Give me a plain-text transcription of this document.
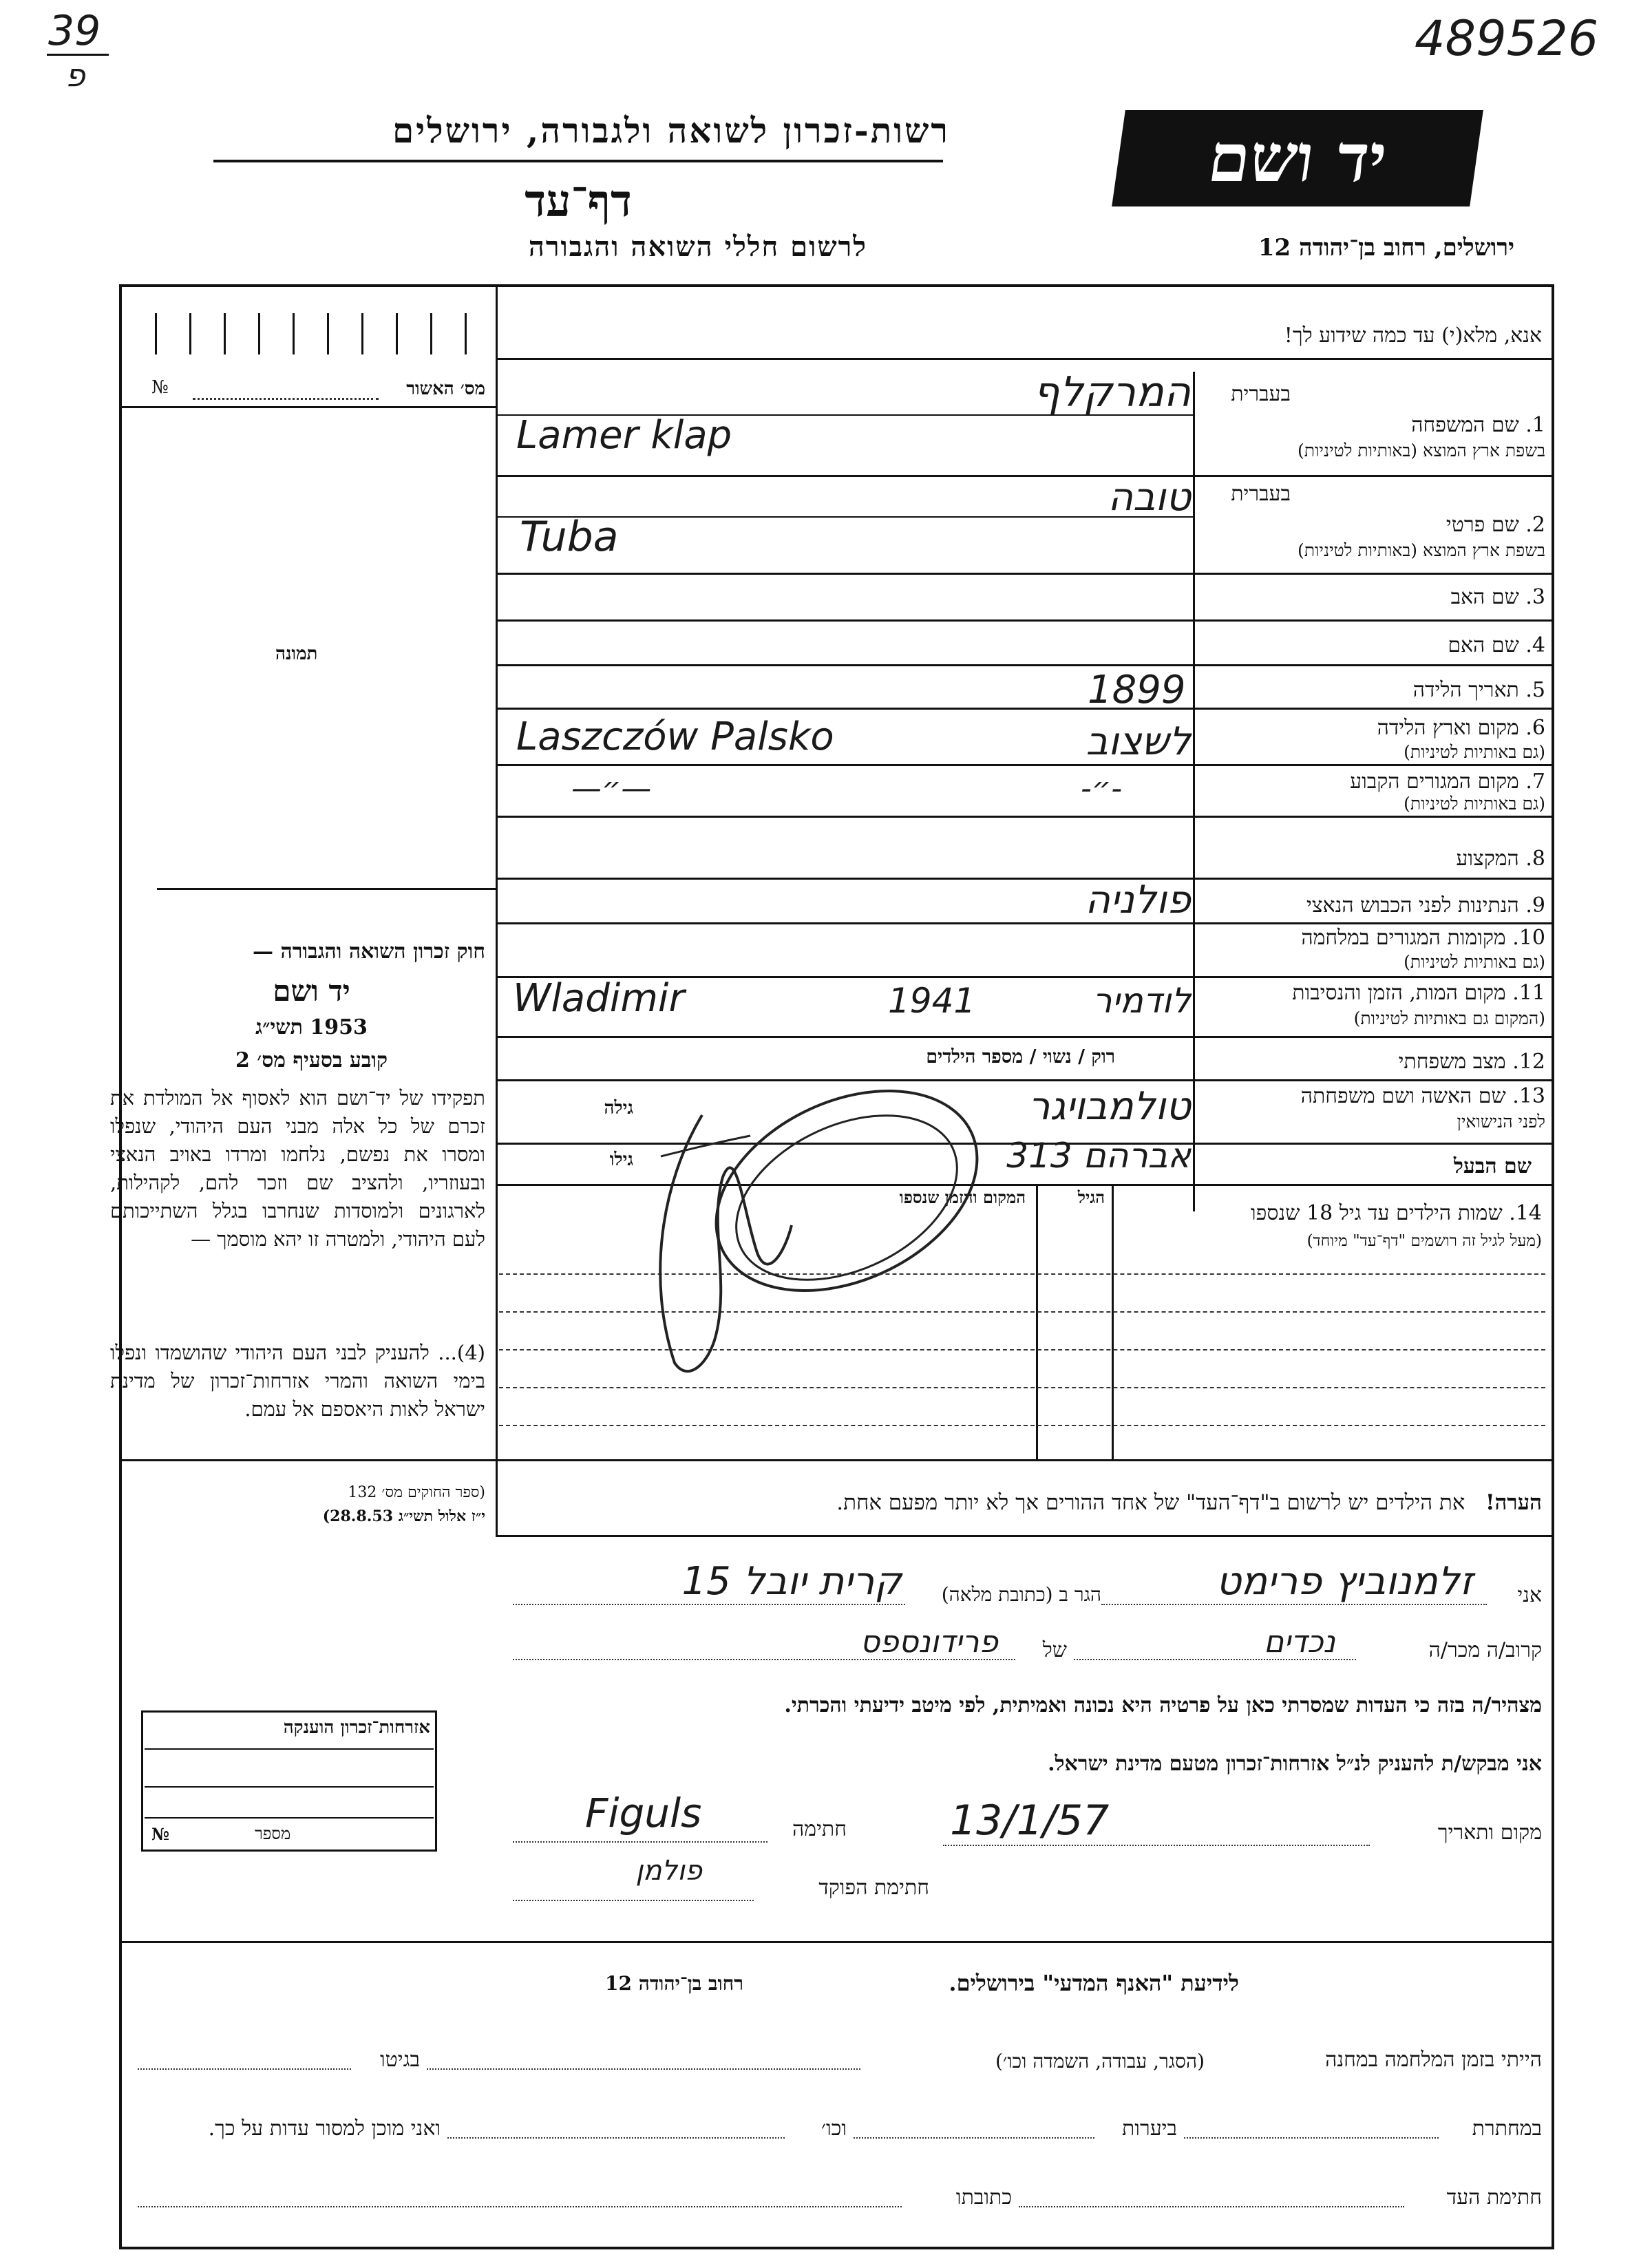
39
פ
489526
רשות-זכרון לשואה ולגבורה, ירושלים
דף־עד
לרשום חללי השואה והגבורה
יד ושם
ירושלים, רחוב בן־יהודה 12
אנא, מלא(י) עד כמה שידוע לך!
מס׳ האשור
№
תמונה
חוק זכרון השואה והגבורה —
יד ושם
1953 תשי״ג
קובע בסעיף מס׳ 2
תפקידו של יד־ושם הוא לאסוף אל המולדת את זכרם של כל אלה מבני העם היהודי, שנפלו ומסרו את נפשם, נלחמו ומרדו באויב הנאצי ובעוזריו, ולהציב שם וזכר להם, לקהילות, לארגונים ולמוסדות שנחרבו בגלל השתייכותם לעם היהודי, ולמטרה זו יהא מוסמך —
(4)... להעניק לבני העם היהודי שהושמדו ונפלו בימי השואה והמרי אזרחות־זכרון של מדינת ישראל לאות היאספם אל עמם.
(ספר החוקים מס׳ 132
י״ז אלול תשי״ג 28.8.53)
אזרחות־זכרון הוענקה
מספר
№
בעברית
1. שם המשפחה
בשפת ארץ המוצא (באותיות לטיניות)
המרקלף
Lamer klap
בעברית
2. שם פרטי
בשפת ארץ המוצא (באותיות לטיניות)
טובה
Tuba
3. שם האב
4. שם האם
5. תאריך הלידה
1899
6. מקום וארץ הלידה
(גם באותיות לטיניות)
Laszczów Palsko	לשצוב
7. מקום המגורים הקבוע
(גם באותיות לטיניות)
—״—	-״-
8. המקצוע
9. הנתינות לפני הכבוש הנאצי
פולניה
10. מקומות המגורים במלחמה
(גם באותיות לטיניות)
11. מקום המות, הזמן והנסיבות
(המקום גם באותיות לטיניות)
Wladimir	1941	לודמיר
12. מצב משפחתי
רוק / נשוי / מספר הילדים
13. שם האשה ושם משפחתה
לפני הנישואין
גילה	טולמבויגר
שם הבעל
גילו	אברהם 313
14. שמות הילדים עד גיל 18 שנספו
(מעל לגיל זה רושמים "דף־עד" מיוחד)
הגיל
המקום והזמן שנספו
הערה!   את הילדים יש לרשום ב"דף־העד" של אחד ההורים אך לא יותר מפעם אחת.
אני
זלמנוביץ פרימט
הגר ב (כתובת מלאה)
קרית יובל 15
קרוב/ה מכר/ה
נכדים
של
פרידונספס
מצהיר/ה בזה כי העדות שמסרתי כאן על פרטיה היא נכונה ואמיתית, לפי מיטב ידיעתי והכרתי.
אני מבקש/ת להעניק לנ״ל אזרחות־זכרון מטעם מדינת ישראל.
מקום ותאריך
13/1/57
חתימה
Figuls
חתימת הפוקד
פולמן
לידיעת "האנף המדעי" בירושלים.
רחוב בן־יהודה 12
הייתי בזמן המלחמה במחנה
(הסגר, עבודה, השמדה וכו׳)
בגיטו
במחתרת
ביערות
וכו׳
ואני מוכן למסור עדות על כך.
חתימת העד
כתובתו
